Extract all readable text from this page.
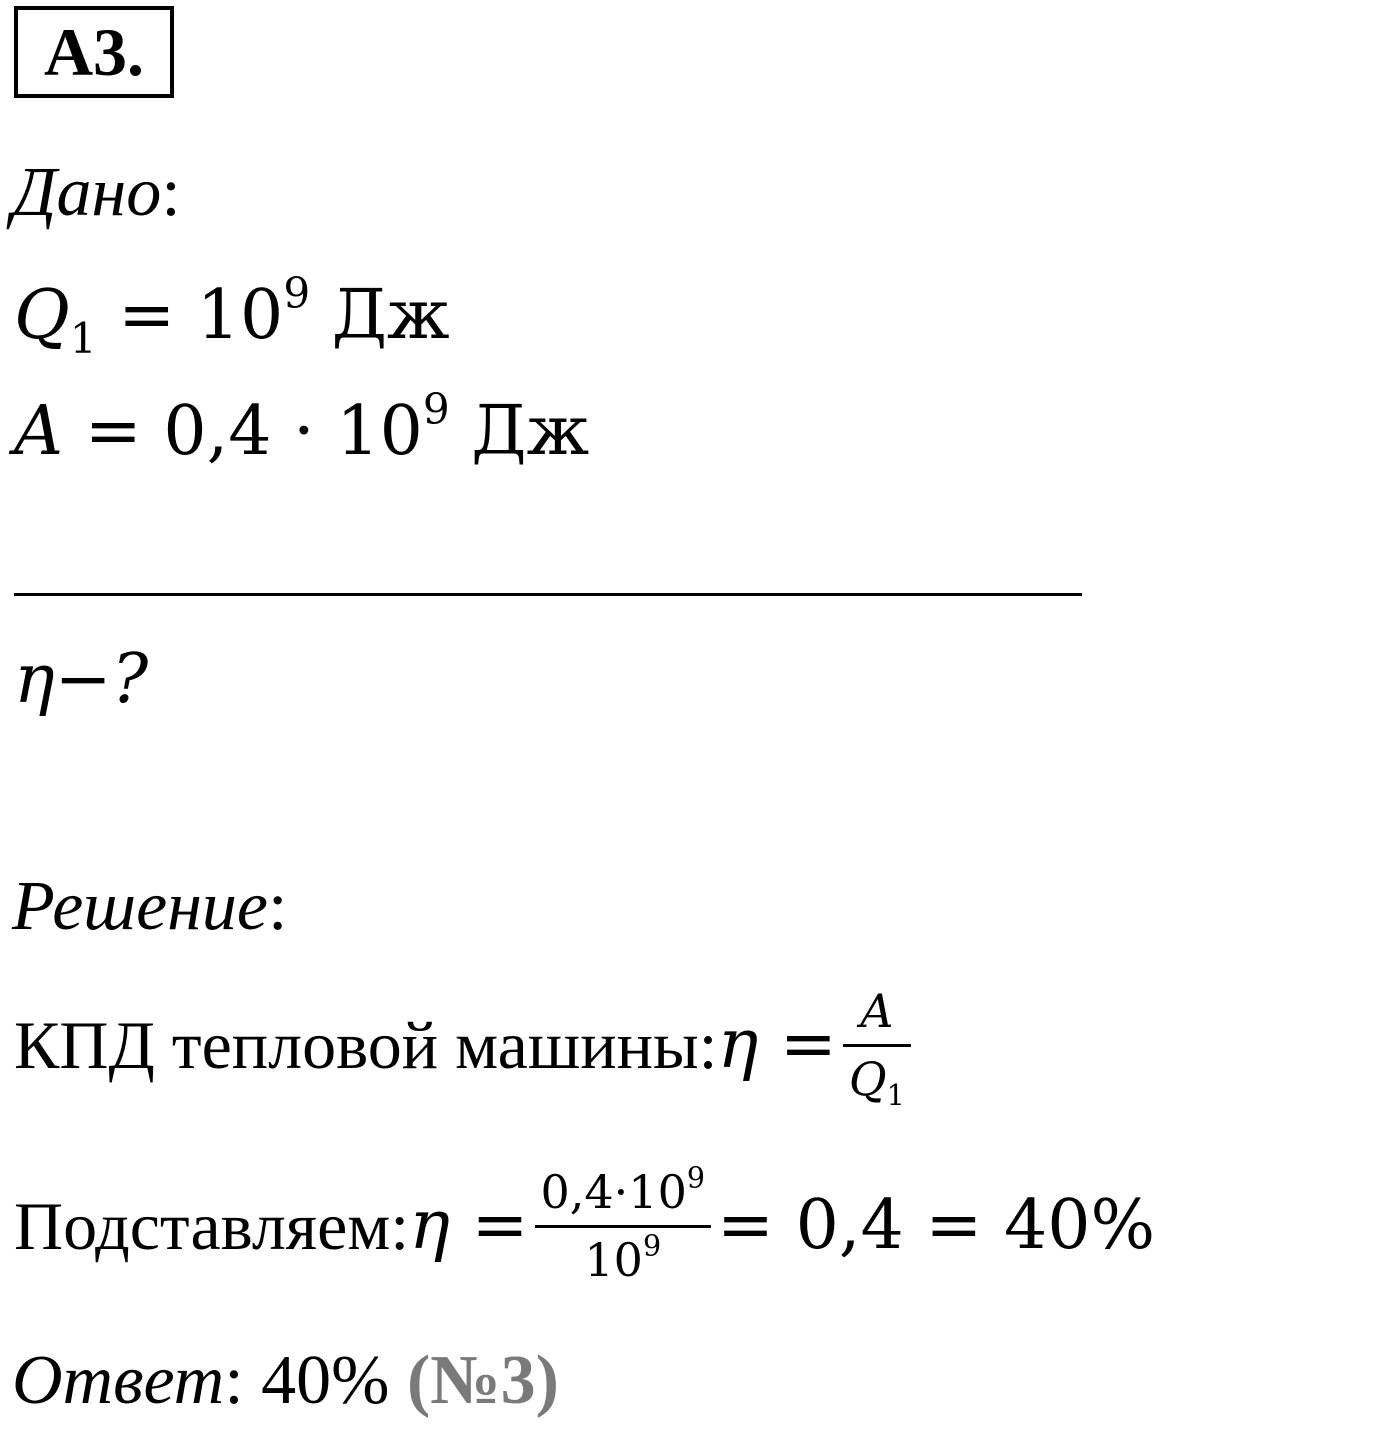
A3.
Дано:
$Q_1 = 10^9$ Дж
$A = 0,4 \cdot 10^9$ Дж
η−?
Решение:
КПД тепловой машины: $\eta = \frac{A}{Q_1}$
Подставляем: $\eta = \frac{0,4\cdot 10^9}{10^9} = 0,4 = 40\%$
Ответ: 40% (№3)
